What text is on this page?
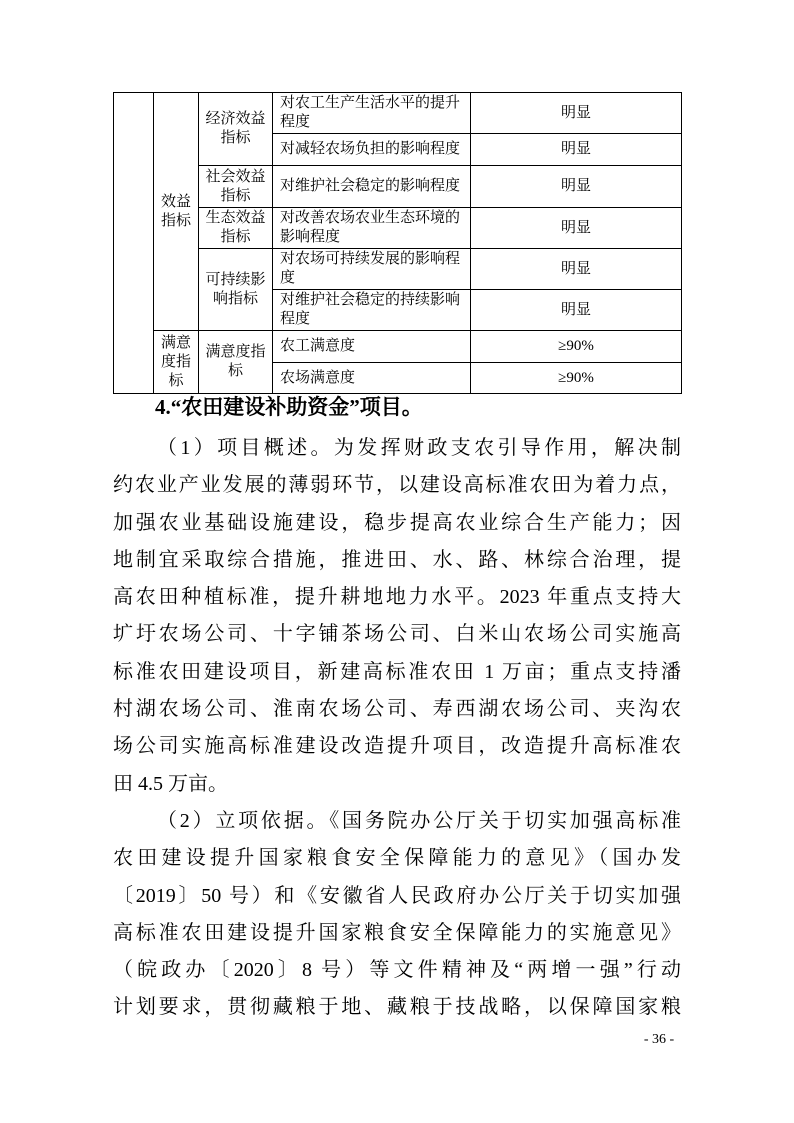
	效益指标	经济效益指标	对农工生产生活水平的提升程度	明显
			对减轻农场负担的影响程度	明显
		社会效益指标	对维护社会稳定的影响程度	明显
		生态效益指标	对改善农场农业生态环境的影响程度	明显
		可持续影响指标	对农场可持续发展的影响程度	明显
			对维护社会稳定的持续影响程度	明显
	满意度指标	满意度指标	农工满意度	≥90%
			农场满意度	≥90%
4.“农田建设补助资金”项目。
（1）项目概述。为发挥财政支农引导作用，解决制
约农业产业发展的薄弱环节，以建设高标准农田为着力点，
加强农业基础设施建设，稳步提高农业综合生产能力；因
地制宜采取综合措施，推进田、水、路、林综合治理，提
高农田种植标准，提升耕地地力水平。2023 年重点支持大
圹圩农场公司、十字铺茶场公司、白米山农场公司实施高
标准农田建设项目，新建高标准农田 1 万亩；重点支持潘
村湖农场公司、淮南农场公司、寿西湖农场公司、夹沟农
场公司实施高标准建设改造提升项目，改造提升高标准农
田 4.5 万亩。
（2）立项依据。《国务院办公厅关于切实加强高标准
农田建设提升国家粮食安全保障能力的意见》（国办发
〔2019〕50 号）和《安徽省人民政府办公厅关于切实加强
高标准农田建设提升国家粮食安全保障能力的实施意见》
（皖政办〔2020〕8 号）等文件精神及“两增一强”行动
计划要求，贯彻藏粮于地、藏粮于技战略，以保障国家粮
- 36 -
